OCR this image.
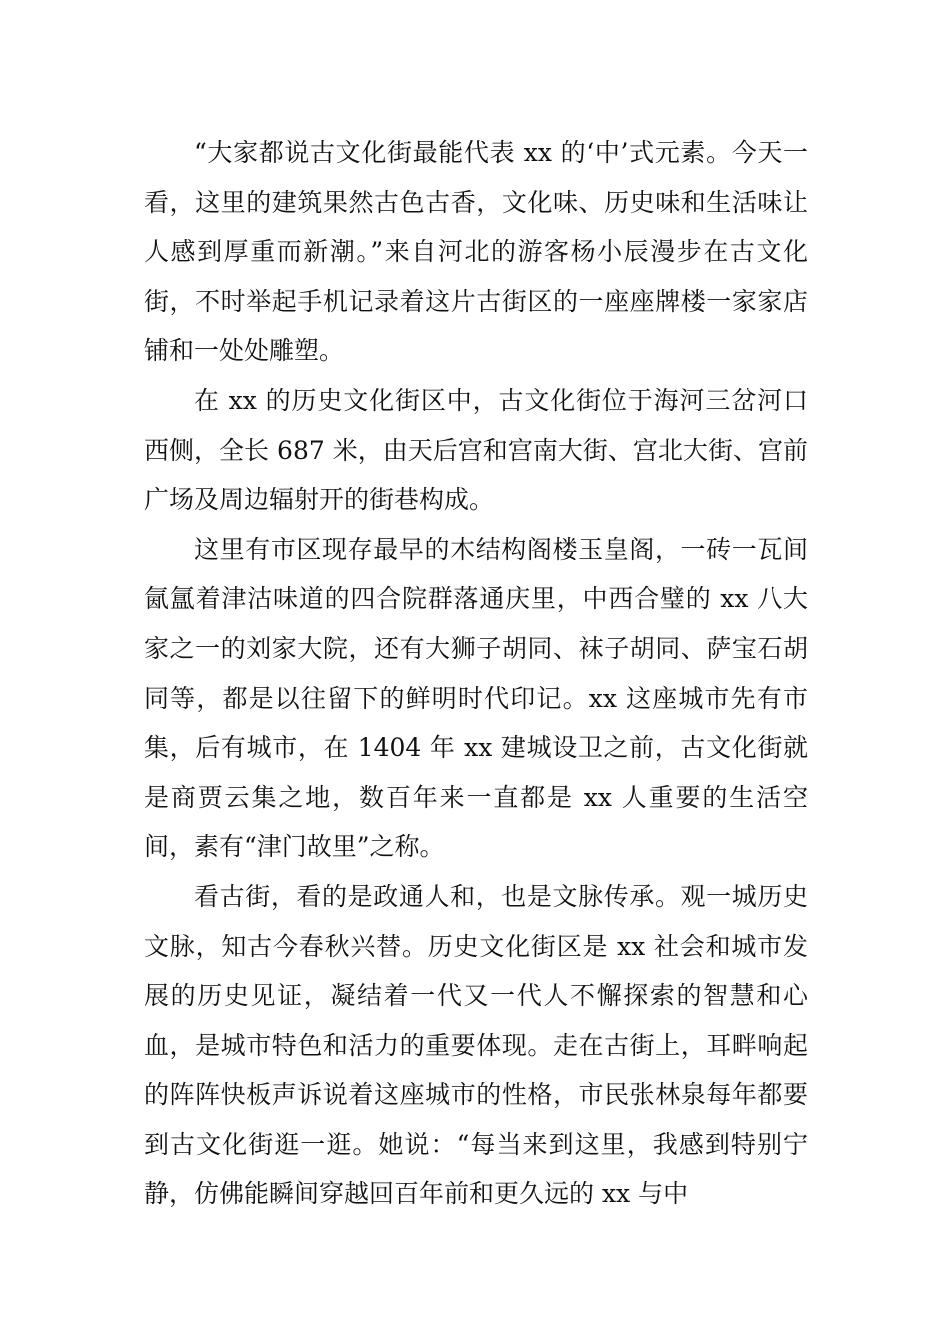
“大家都说古文化街最能代表 xx 的‘中’式元素。今天一看，这里的建筑果然古色古香，文化味、历史味和生活味让人感到厚重而新潮。”来自河北的游客杨小辰漫步在古文化街，不时举起手机记录着这片古街区的一座座牌楼一家家店铺和一处处雕塑。

在 xx 的历史文化街区中，古文化街位于海河三岔河口西侧，全长 687 米，由天后宫和宫南大街、宫北大街、宫前广场及周边辐射开的街巷构成。

这里有市区现存最早的木结构阁楼玉皇阁，一砖一瓦间氤氲着津沽味道的四合院群落通庆里，中西合璧的 xx 八大家之一的刘家大院，还有大狮子胡同、袜子胡同、萨宝石胡同等，都是以往留下的鲜明时代印记。xx 这座城市先有市集，后有城市，在 1404 年 xx 建城设卫之前，古文化街就是商贾云集之地，数百年来一直都是 xx 人重要的生活空间，素有“津门故里”之称。

看古街，看的是政通人和，也是文脉传承。观一城历史文脉，知古今春秋兴替。历史文化街区是 xx 社会和城市发展的历史见证，凝结着一代又一代人不懈探索的智慧和心血，是城市特色和活力的重要体现。走在古街上，耳畔响起的阵阵快板声诉说着这座城市的性格，市民张林泉每年都要到古文化街逛一逛。她说：“每当来到这里，我感到特别宁静，仿佛能瞬间穿越回百年前和更久远的 xx 与中
